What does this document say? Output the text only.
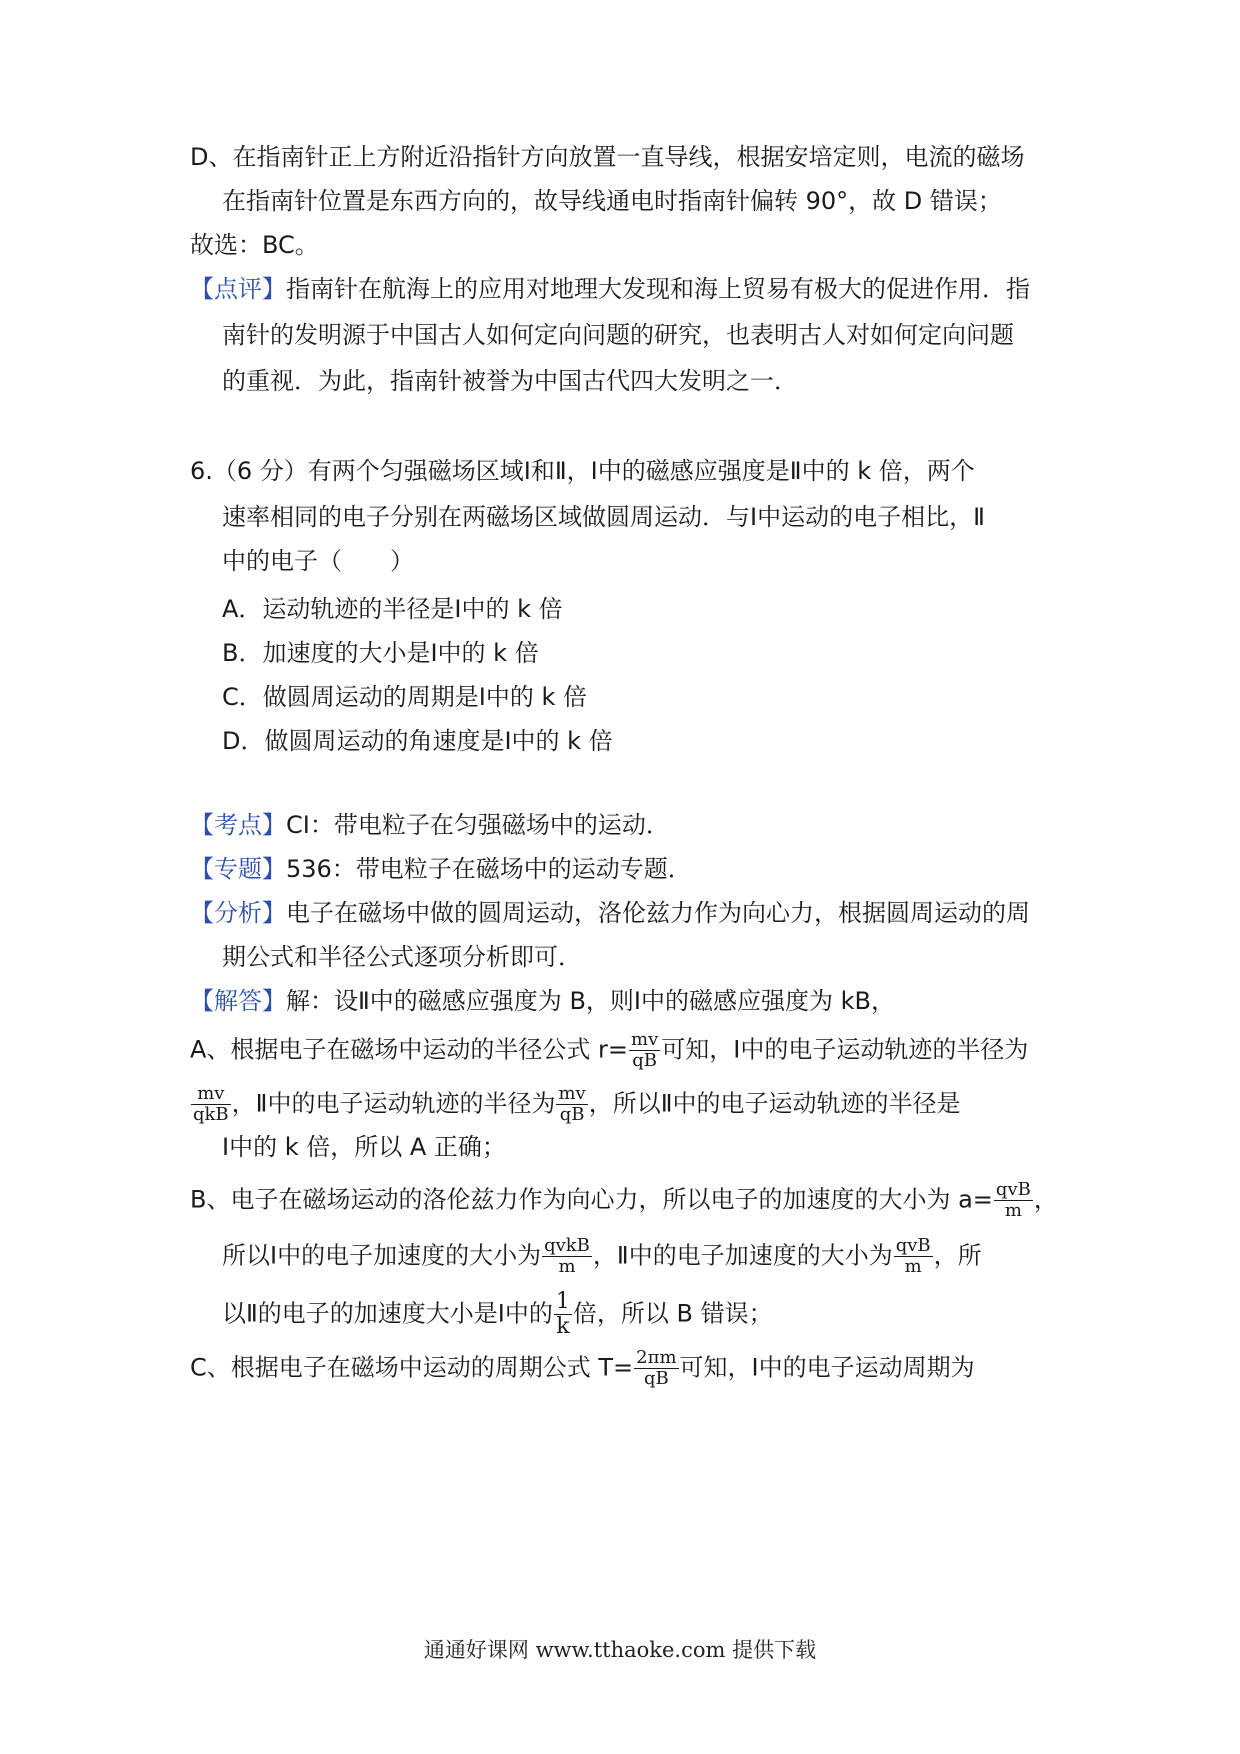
D、在指南针正上方附近沿指针方向放置一直导线，根据安培定则，电流的磁场
在指南针位置是东西方向的，故导线通电时指南针偏转 90°，故 D 错误；
故选：BC。
【点评】指南针在航海上的应用对地理大发现和海上贸易有极大的促进作用．指
南针的发明源于中国古人如何定向问题的研究，也表明古人对如何定向问题
的重视．为此，指南针被誉为中国古代四大发明之一．
6.（6 分）有两个匀强磁场区域Ⅰ和Ⅱ，Ⅰ中的磁感应强度是Ⅱ中的 k 倍，两个
速率相同的电子分别在两磁场区域做圆周运动．与Ⅰ中运动的电子相比，Ⅱ
中的电子（　　）
A．运动轨迹的半径是Ⅰ中的 k 倍
B．加速度的大小是Ⅰ中的 k 倍
C．做圆周运动的周期是Ⅰ中的 k 倍
D．做圆周运动的角速度是Ⅰ中的 k 倍
【考点】CI：带电粒子在匀强磁场中的运动．
【专题】536：带电粒子在磁场中的运动专题．
【分析】电子在磁场中做的圆周运动，洛伦兹力作为向心力，根据圆周运动的周
期公式和半径公式逐项分析即可．
【解答】解：设Ⅱ中的磁感应强度为 B，则Ⅰ中的磁感应强度为 kB，
A、根据电子在磁场中运动的半径公式 $r= \frac{mv}{qB}$ 可知，Ⅰ中的电子运动轨迹的半径为
$\frac{mv}{\text{qkB}}$ ，Ⅱ中的电子运动轨迹的半径为 $\frac{mv}{qB}$ ，所以Ⅱ中的电子运动轨迹的半径是
Ⅰ中的 k 倍，所以 A 正确；
B、电子在磁场运动的洛伦兹力作为向心力，所以电子的加速度的大小为 $a= \frac{\text{qvB}}{m}$ ，
所以Ⅰ中的电子加速度的大小为 $\frac{\text{qvkB}}{m}$ ，Ⅱ中的电子加速度的大小为 $\frac{\text{qvB}}{m}$ ，所
以Ⅱ的电子的加速度大小是Ⅰ中的 $\frac{1}{k}$ 倍，所以 B 错误；
C、根据电子在磁场中运动的周期公式 $T= \frac{2\pi m}{qB}$ 可知，Ⅰ中的电子运动周期为
通通好课网 www.tthaoke.com 提供下载
